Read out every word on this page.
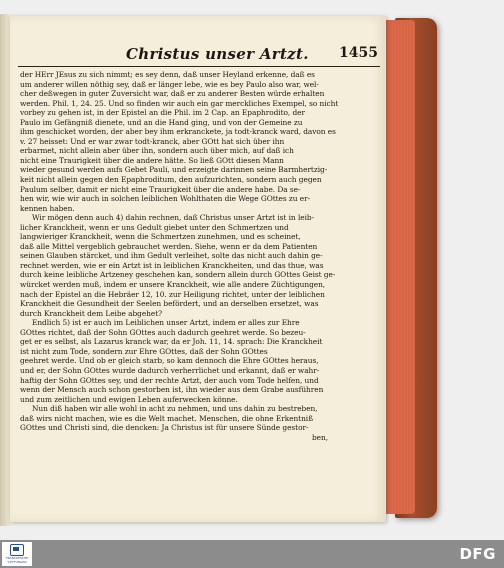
Christus unser Artzt. 1455
der HErr JEsus zu sich nimmt; es sey denn, daß unser Heyland erkenne, daß es
um anderer willen nöthig sey, daß er länger lebe, wie es bey Paulo also war, wel-
cher deßwegen in guter Zuversicht war, daß er zu anderer Besten würde erhalten
werden. Phil. 1, 24. 25. Und so finden wir auch ein gar merckliches Exempel, so nicht
vorbey zu gehen ist, in der Epistel an die Phil. im 2 Cap. an Epaphrodito, der
Paulo im Gefängniß dienete, und an die Hand ging, und von der Gemeine zu
ihm geschicket worden, der aber bey ihm erkranckete, ja todt-kranck ward, davon es
v. 27 heisset: Und er war zwar todt-kranck, aber GOtt hat sich über ihn
erbarmet, nicht allein aber über ihn, sondern auch über mich, auf daß ich
nicht eine Traurigkeit über die andere hätte. So ließ GOtt diesen Mann
wieder gesund werden aufs Gebet Pauli, und erzeigte darinnen seine Barmhertzig-
keit nicht allein gegen den Epaphroditum, den aufzurichten, sondern auch gegen
Paulum selber, damit er nicht eine Traurigkeit über die andere habe. Da se-
hen wir, wie wir auch in solchen leiblichen Wohlthaten die Wege GOttes zu er-
kennen haben.
Wir mögen denn auch 4) dahin rechnen, daß Christus unser Artzt ist in leib-
licher Kranckheit, wenn er uns Gedult giebet unter den Schmertzen und
langwieriger Kranckheit, wenn die Schmertzen zunehmen, und es scheinet,
daß alle Mittel vergeblich gebrauchet werden. Siehe, wenn er da dem Patienten
seinen Glauben stärcket, und ihm Gedult verleihet, solte das nicht auch dahin ge-
rechnet werden, wie er ein Artzt ist in leiblichen Kranckheiten, und das thue, was
durch keine leibliche Artzeney geschehen kan, sondern allein durch GOttes Geist ge-
würcket werden muß, indem er unsere Kranckheit, wie alle andere Züchtigungen,
nach der Epistel an die Hebräer 12, 10. zur Heiligung richtet, unter der leiblichen
Kranckheit die Gesundheit der Seelen befördert, und an derselben ersetzet, was
durch Kranckheit dem Leibe abgehet?
Endlich 5) ist er auch im Leiblichen unser Artzt, indem er alles zur Ehre
GOttes richtet, daß der Sohn GOttes auch dadurch geehret werde. So bezeu-
get er es selbst, als Lazarus kranck war, da er Joh. 11, 14. sprach: Die Kranckheit
ist nicht zum Tode, sondern zur Ehre GOttes, daß der Sohn GOttes
geehret werde. Und ob er gleich starb, so kam dennoch die Ehre GOttes heraus,
und er, der Sohn GOttes wurde dadurch verherrlichet und erkannt, daß er wahr-
haftig der Sohn GOttes sey, und der rechte Artzt, der auch vom Tode helfen, und
wenn der Mensch auch schon gestorben ist, ihn wieder aus dem Grabe ausführen
und zum zeitlichen und ewigen Leben auferwecken könne.
Nun diß haben wir alle wohl in acht zu nehmen, und uns dahin zu bestreben,
daß wirs nicht machen, wie es die Welt machet. Menschen, die ohne Erkentniß
GOttes und Christi sind, die dencken: Ja Christus ist für unsere Sünde gestor-
ben,
FRANCKESCHE STIFTUNGEN	DFG
